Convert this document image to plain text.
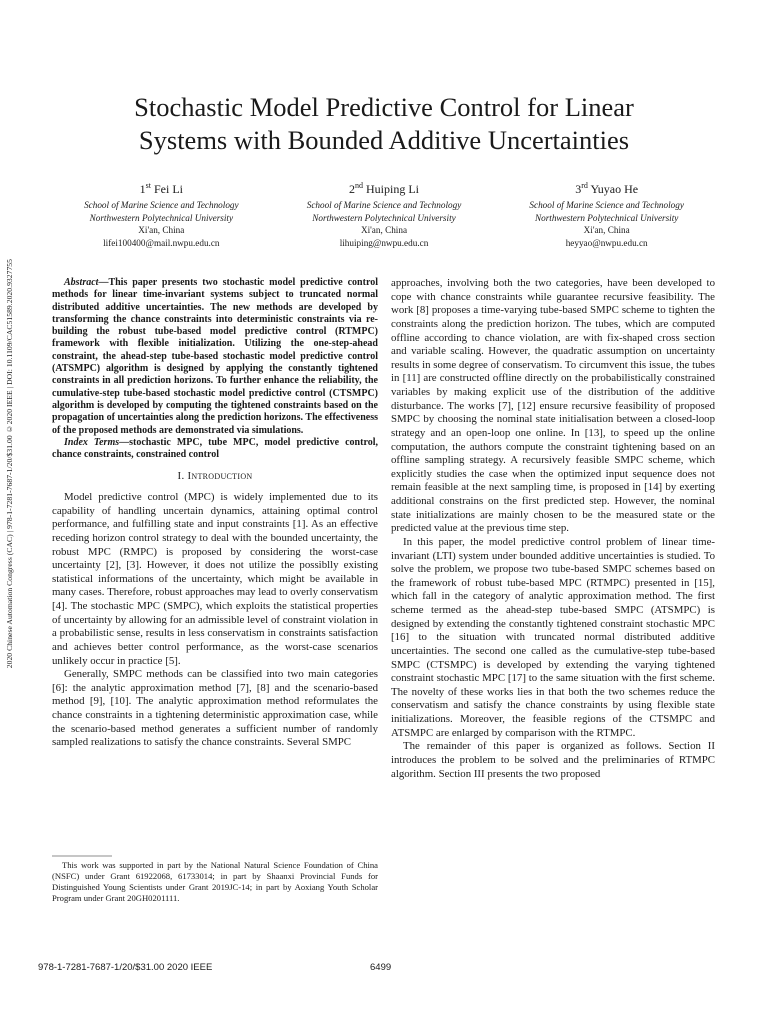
Stochastic Model Predictive Control for Linear
Systems with Bounded Additive Uncertainties
1st Fei Li
School of Marine Science and Technology
Northwestern Polytechnical University
Xi'an, China
lifei100400@mail.nwpu.edu.cn
2nd Huiping Li
School of Marine Science and Technology
Northwestern Polytechnical University
Xi'an, China
lihuiping@nwpu.edu.cn
3rd Yuyao He
School of Marine Science and Technology
Northwestern Polytechnical University
Xi'an, China
heyyao@nwpu.edu.cn
2020 Chinese Automation Congress (CAC) | 978-1-7281-7687-1/20/$31.00 ©2020 IEEE | DOI: 10.1109/CAC51589.2020.9327755	Abstract—This paper presents two stochastic model predictive control methods for linear time-invariant systems subject to truncated normal distributed additive uncertainties. The new methods are developed by transforming the chance constraints into deterministic constraints via re-building the robust tube-based model predictive control (RTMPC) framework with flexible initialization. Utilizing the one-step-ahead constraint, the ahead-step tube-based stochastic model predictive control (ATSMPC) algorithm is designed by applying the constantly tightened constraints in all prediction horizons. To further enhance the reliability, the cumulative-step tube-based stochastic model predictive control (CTSMPC) algorithm is developed by computing the tightened constraints based on the propagation of uncertainties along the prediction horizons. The effectiveness of the proposed methods are demonstrated via simulations.

Index Terms—stochastic MPC, tube MPC, model predictive control, chance constraints, constrained control

I. Introduction

Model predictive control (MPC) is widely implemented due to its capability of handling uncertain dynamics, attaining optimal control performance, and fulfilling state and input constraints [1]. As an effective receding horizon control strategy to deal with the bounded uncertainty, the robust MPC (RMPC) is proposed by considering the worst-case uncertainty [2], [3]. However, it does not utilize the possiblly existing statistical informations of the uncertainty, which might be available in many cases. Therefore, robust approaches may lead to overly conservatism [4]. The stochastic MPC (SMPC), which exploits the statistical properties of uncertainty by allowing for an admissible level of constraint violation in a probabilistic sense, results in less conservatism in constraints satisfaction and achieves better control performance, as the worst-case scenarios unlikely occur in practice [5].

Generally, SMPC methods can be classified into two main categories [6]: the analytic approximation method [7], [8] and the scenario-based method [9], [10]. The analytic approximation method reformulates the chance constraints in a tightening deterministic approximation case, while the scenario-based method generates a sufficient number of randomly sampled realizations to satisfy the chance constraints. Several SMPC

This work was supported in part by the National Natural Science Foundation of China (NSFC) under Grant 61922068, 61733014; in part by Shaanxi Provincial Funds for Distinguished Young Scientists under Grant 2019JC-14; in part by Aoxiang Youth Scholar Program under Grant 20GH0201111.

approaches, involving both the two categories, have been developed to cope with chance constraints while guarantee recursive feasibility. The work [8] proposes a time-varying tube-based SMPC scheme to tighten the constraints along the prediction horizon. The tubes, which are computed offline according to chance violation, are with fix-shaped cross section and variable scaling. However, the quadratic assumption on uncertainty results in some degree of conservatism. To circumvent this issue, the tubes in [11] are constructed offline directly on the probabilistically constrained variables by making explicit use of the distribution of the additive disturbance. The works [7], [12] ensure recursive feasibility of proposed SMPC by choosing the nominal state initialisation between a closed-loop strategy and an open-loop one online. In [13], to speed up the online computation, the authors compute the constraint tightening based on an offline sampling strategy. A recursively feasible SMPC scheme, which explicitly studies the case when the optimized input sequence does not remain feasible at the next sampling time, is proposed in [14] by exerting additional constrains on the first predicted step. However, the nominal state initializations are mainly chosen to be the measured state or the predicted value at the previous time step.

In this paper, the model predictive control problem of linear time-invariant (LTI) system under bounded additive uncertainties is studied. To solve the problem, we propose two tube-based SMPC schemes based on the framework of robust tube-based MPC (RTMPC) presented in [15], which fall in the category of analytic approximation method. The first scheme termed as the ahead-step tube-based SMPC (ATSMPC) is designed by extending the constantly tightened constraint stochastic MPC [16] to the situation with truncated normal distributed additive uncertainties. The second one called as the cumulative-step tube-based SMPC (CTSMPC) is developed by extending the varying tightened constraint stochastic MPC [17] to the same situation with the first scheme. The novelty of these works lies in that both the two schemes reduce the conservatism and satisfy the chance constraints by using flexible state initializations. Moreover, the feasible regions of the CTSMPC and ATSMPC are enlarged by comparison with the RTMPC.

The remainder of this paper is organized as follows. Section II introduces the problem to be solved and the preliminaries of RTMPC algorithm. Section III presents the two proposed

978-1-7281-7687-1/20/$31.00 2020 IEEE	6499
